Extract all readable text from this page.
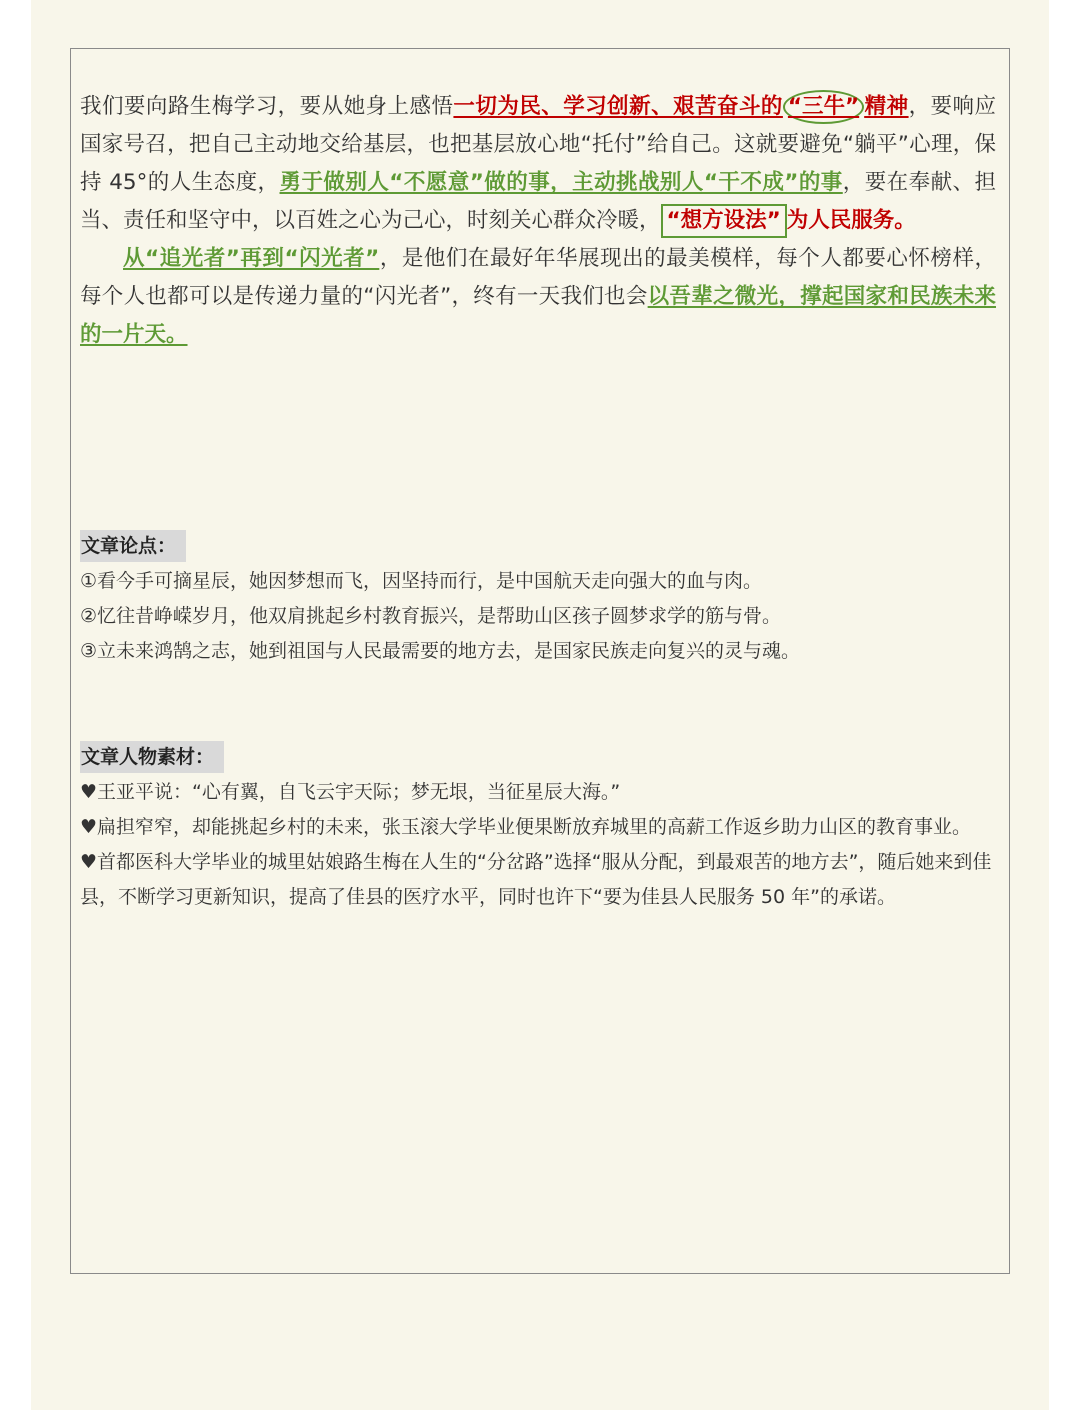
我们要向路生梅学习，要从她身上感悟一切为民、学习创新、艰苦奋斗的 “三牛” 精神，要响应国家号召，把自己主动地交给基层，也把基层放心地“托付”给自己。这就要避免“躺平”心理，保持 45°的人生态度，勇于做别人“不愿意”做的事，主动挑战别人“干不成”的事，要在奉献、担当、责任和坚守中，以百姓之心为己心，时刻关心群众冷暖， “想方设法” 为人民服务。

从“追光者”再到“闪光者”，是他们在最好年华展现出的最美模样，每个人都要心怀榜样，每个人也都可以是传递力量的“闪光者”，终有一天我们也会以吾辈之微光，撑起国家和民族未来的一片天。

文章论点：

①看今手可摘星辰，她因梦想而飞，因坚持而行，是中国航天走向强大的血与肉。

②忆往昔峥嵘岁月，他双肩挑起乡村教育振兴，是帮助山区孩子圆梦求学的筋与骨。

③立未来鸿鹄之志，她到祖国与人民最需要的地方去，是国家民族走向复兴的灵与魂。

文章人物素材：

♥王亚平说：“心有翼，自飞云宇天际；梦无垠，当征星辰大海。”

♥扁担窄窄，却能挑起乡村的未来，张玉滚大学毕业便果断放弃城里的高薪工作返乡助力山区的教育事业。

♥首都医科大学毕业的城里姑娘路生梅在人生的“分岔路”选择“服从分配，到最艰苦的地方去”，随后她来到佳县，不断学习更新知识，提高了佳县的医疗水平，同时也许下“要为佳县人民服务 50 年”的承诺。
